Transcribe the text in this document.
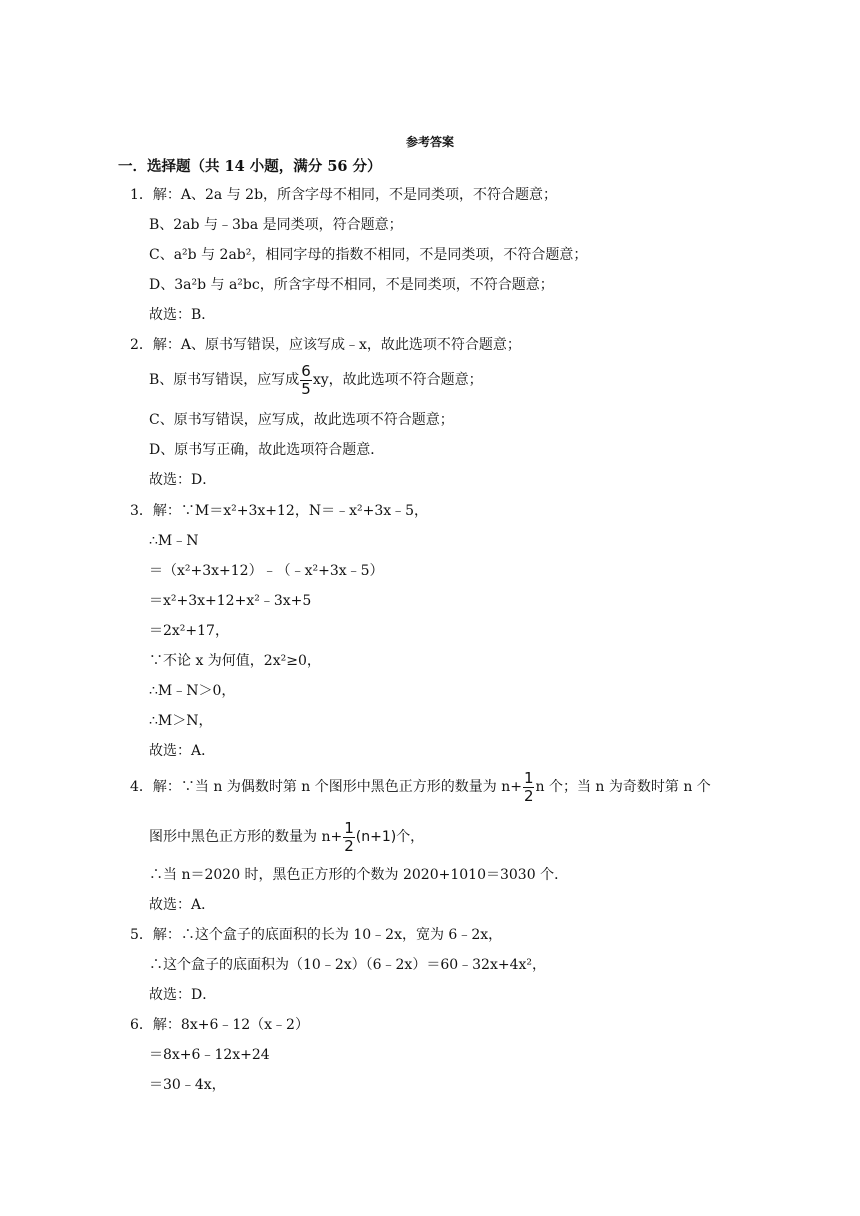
参考答案
一．选择题（共 14 小题，满分 56 分）
1．解：A、2a 与 2b，所含字母不相同，不是同类项，不符合题意；
B、2ab 与﹣3ba 是同类项，符合题意；
C、a²b 与 2ab²，相同字母的指数不相同，不是同类项，不符合题意；
D、3a²b 与 a²bc，所含字母不相同，不是同类项，不符合题意；
故选：B．
2．解：A、原书写错误，应该写成﹣x，故此选项不符合题意；
B、原书写错误，应写成 $\frac{6}{5}$ xy，故此选项不符合题意；
C、原书写错误，应写成，故此选项不符合题意；
D、原书写正确，故此选项符合题意．
故选：D．
3．解：∵M＝x²+3x+12，N＝﹣x²+3x﹣5，
∴M﹣N
＝（x²+3x+12）﹣（﹣x²+3x﹣5）
＝x²+3x+12+x²﹣3x+5
＝2x²+17，
∵不论 x 为何值，2x²≥0，
∴M﹣N＞0，
∴M＞N，
故选：A．
4．解：∵当 n 为偶数时第 n 个图形中黑色正方形的数量为 $n+ \frac{1}{2}$ n 个；当 n 为奇数时第 n 个
图形中黑色正方形的数量为 $n+ \frac{1}{2} (n+1)$个，
∴当 n＝2020 时，黑色正方形的个数为 2020+1010＝3030 个．
故选：A．
5．解：∴这个盒子的底面积的长为 10﹣2x，宽为 6﹣2x，
∴这个盒子的底面积为（10﹣2x）（6﹣2x）＝60﹣32x+4x²，
故选：D．
6．解：8x+6﹣12（x﹣2）
＝8x+6﹣12x+24
＝30﹣4x，
